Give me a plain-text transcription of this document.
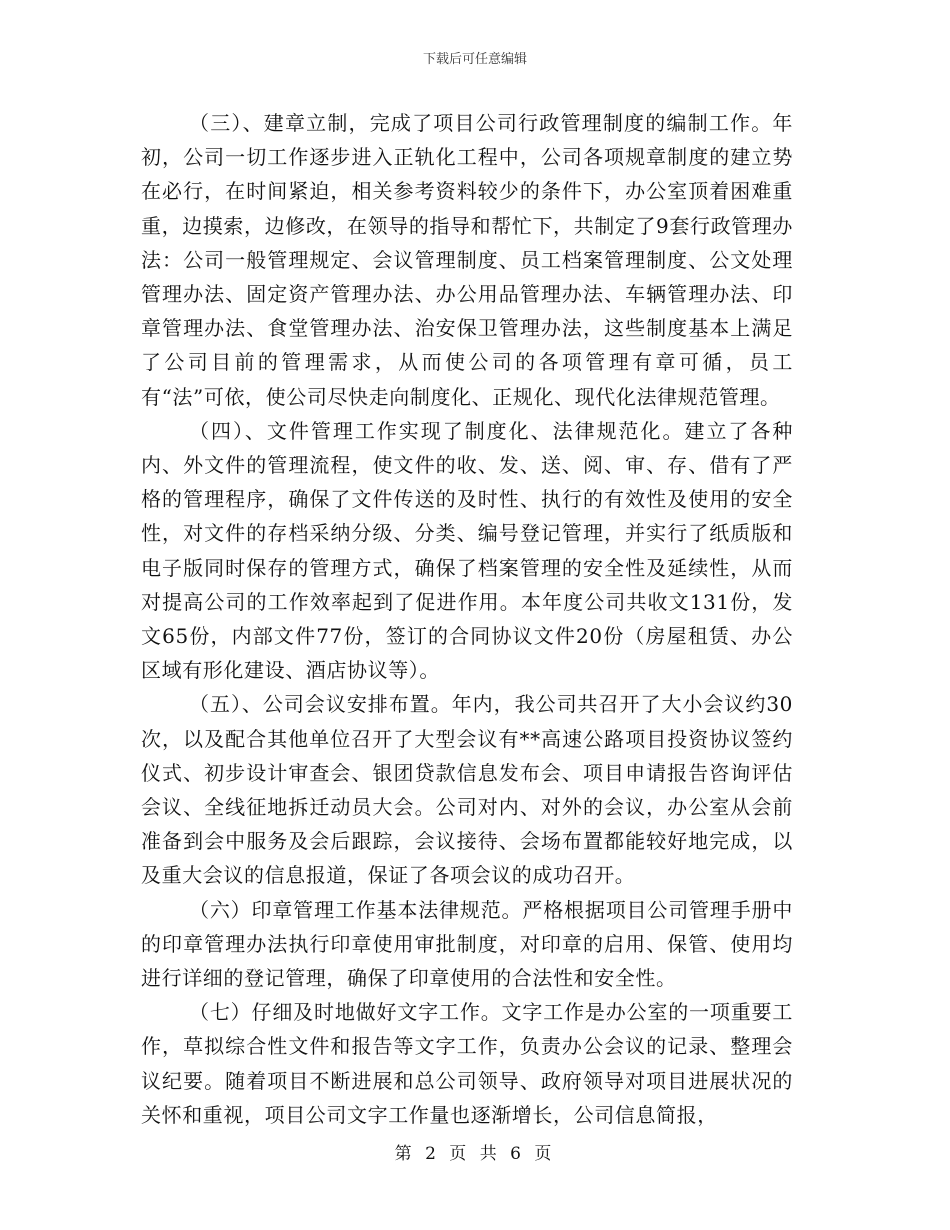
下载后可任意编辑

（三）、建章立制，完成了项目公司行政管理制度的编制工作。年初，公司一切工作逐步进入正轨化工程中，公司各项规章制度的建立势在必行，在时间紧迫，相关参考资料较少的条件下，办公室顶着困难重重，边摸索，边修改，在领导的指导和帮忙下，共制定了9套行政管理办法：公司一般管理规定、会议管理制度、员工档案管理制度、公文处理管理办法、固定资产管理办法、办公用品管理办法、车辆管理办法、印章管理办法、食堂管理办法、治安保卫管理办法，这些制度基本上满足了公司目前的管理需求，从而使公司的各项管理有章可循，员工有“法”可依，使公司尽快走向制度化、正规化、现代化法律规范管理。

（四）、文件管理工作实现了制度化、法律规范化。建立了各种内、外文件的管理流程，使文件的收、发、送、阅、审、存、借有了严格的管理程序，确保了文件传送的及时性、执行的有效性及使用的安全性，对文件的存档采纳分级、分类、编号登记管理，并实行了纸质版和电子版同时保存的管理方式，确保了档案管理的安全性及延续性，从而对提高公司的工作效率起到了促进作用。本年度公司共收文131份，发文65份，内部文件77份，签订的合同协议文件20份（房屋租赁、办公区域有形化建设、酒店协议等）。

（五）、公司会议安排布置。年内，我公司共召开了大小会议约30次，以及配合其他单位召开了大型会议有**高速公路项目投资协议签约仪式、初步设计审查会、银团贷款信息发布会、项目申请报告咨询评估会议、全线征地拆迁动员大会。公司对内、对外的会议，办公室从会前准备到会中服务及会后跟踪，会议接待、会场布置都能较好地完成，以及重大会议的信息报道，保证了各项会议的成功召开。

（六）印章管理工作基本法律规范。严格根据项目公司管理手册中的印章管理办法执行印章使用审批制度，对印章的启用、保管、使用均进行详细的登记管理，确保了印章使用的合法性和安全性。

（七）仔细及时地做好文字工作。文字工作是办公室的一项重要工作，草拟综合性文件和报告等文字工作，负责办公会议的记录、整理会议纪要。随着项目不断进展和总公司领导、政府领导对项目进展状况的关怀和重视，项目公司文字工作量也逐渐增长，公司信息简报，

第 2 页 共 6 页
